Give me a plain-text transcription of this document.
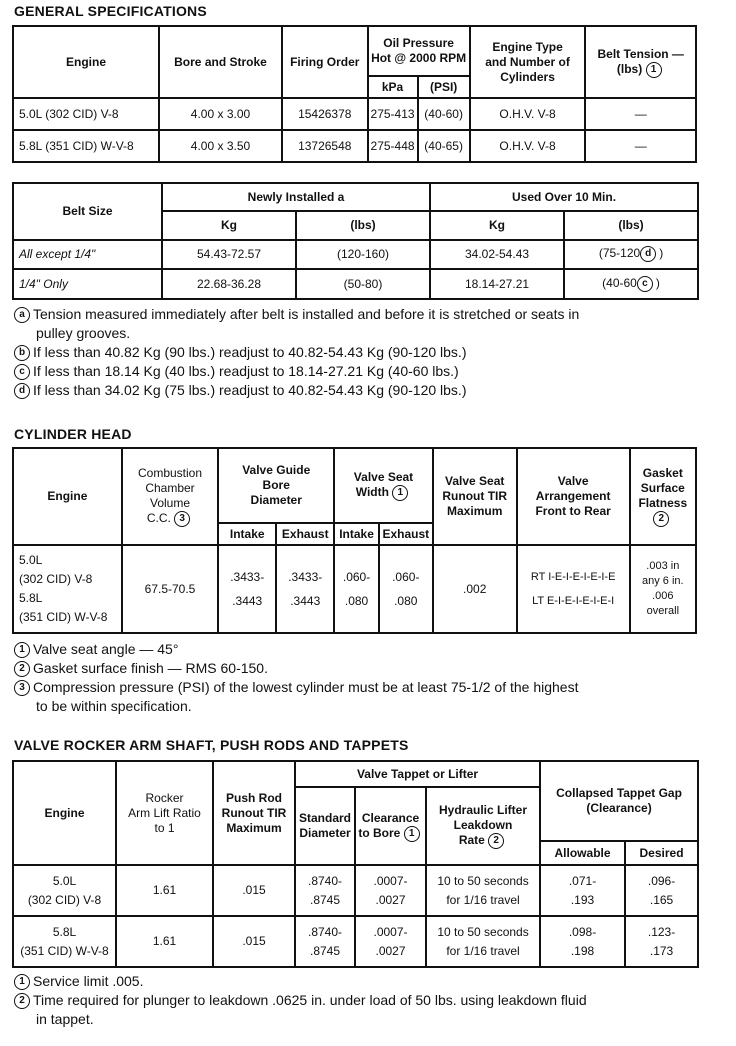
GENERAL SPECIFICATIONS
Engine	Bore and Stroke	Firing Order	Oil Pressure
Hot @ 2000 RPM		Engine Type
and Number of
Cylinders	Belt Tension —
(lbs) 1
			kPa	(PSI)		
5.0L (302 CID) V-8	4.00 x 3.00	15426378	275-413	(40-60)	O.H.V. V-8	—
5.8L (351 CID) W-V-8	4.00 x 3.50	13726548	275-448	(40-65)	O.H.V. V-8	—
Belt Size	Newly Installed a		Used Over 10 Min.	
	Kg	(lbs)	Kg	(lbs)
All except 1/4"	54.43-72.57	(120-160)	34.02-54.43	(75-120 d )
1/4" Only	22.68-36.28	(50-80)	18.14-27.21	(40-60 c )

a Tension measured immediately after belt is installed and before it is stretched or seats in

pulley grooves.

b If less than 40.82 Kg (90 lbs.) readjust to 40.82-54.43 Kg (90-120 lbs.)

c If less than 18.14 Kg (40 lbs.) readjust to 18.14-27.21 Kg (40-60 lbs.)

d If less than 34.02 Kg (75 lbs.) readjust to 40.82-54.43 Kg (90-120 lbs.)

CYLINDER HEAD
Engine	Combustion
Chamber
Volume
C.C. 3	Valve Guide
Bore
Diameter		Valve Seat
Width 1		Valve Seat
Runout TIR
Maximum	Valve
Arrangement
Front to Rear	Gasket
Surface
Flatness
2
		Intake	Exhaust	Intake	Exhaust			

5.0L
(302 CID) V-8
5.8L
(351 CID) W-V-8	67.5-70.5	.3433-
.3443	.3433-
.3443	.060-
.080	.060-
.080	.002	RT I-E-I-E-I-E-I-E
LT E-I-E-I-E-I-E-I	.003 in
any 6 in.
.006
overall

1 Valve seat angle — 45°

2 Gasket surface finish — RMS 60-150.

3 Compression pressure (PSI) of the lowest cylinder must be at least 75-1/2 of the highest

to be within specification.

VALVE ROCKER ARM SHAFT, PUSH RODS AND TAPPETS
Engine	Rocker
Arm Lift Ratio
to 1	Push Rod
Runout TIR
Maximum	Valve Tappet or Lifter			Collapsed Tappet Gap
(Clearance)	

			Standard
Diameter	Clearance
to Bore 1	Hydraulic Lifter
Leakdown
Rate 2		
						Allowable	Desired

5.0L
(302 CID) V-8	1.61	.015	.8740-
.8745	.0007-
.0027	10 to 50 seconds
for 1/16 travel	.071-
.193	.096-
.165

5.8L
(351 CID) W-V-8	1.61	.015	.8740-
.8745	.0007-
.0027	10 to 50 seconds
for 1/16 travel	.098-
.198	.123-
.173

1 Service limit .005.

2 Time required for plunger to leakdown .0625 in. under load of 50 lbs. using leakdown fluid

in tappet.
